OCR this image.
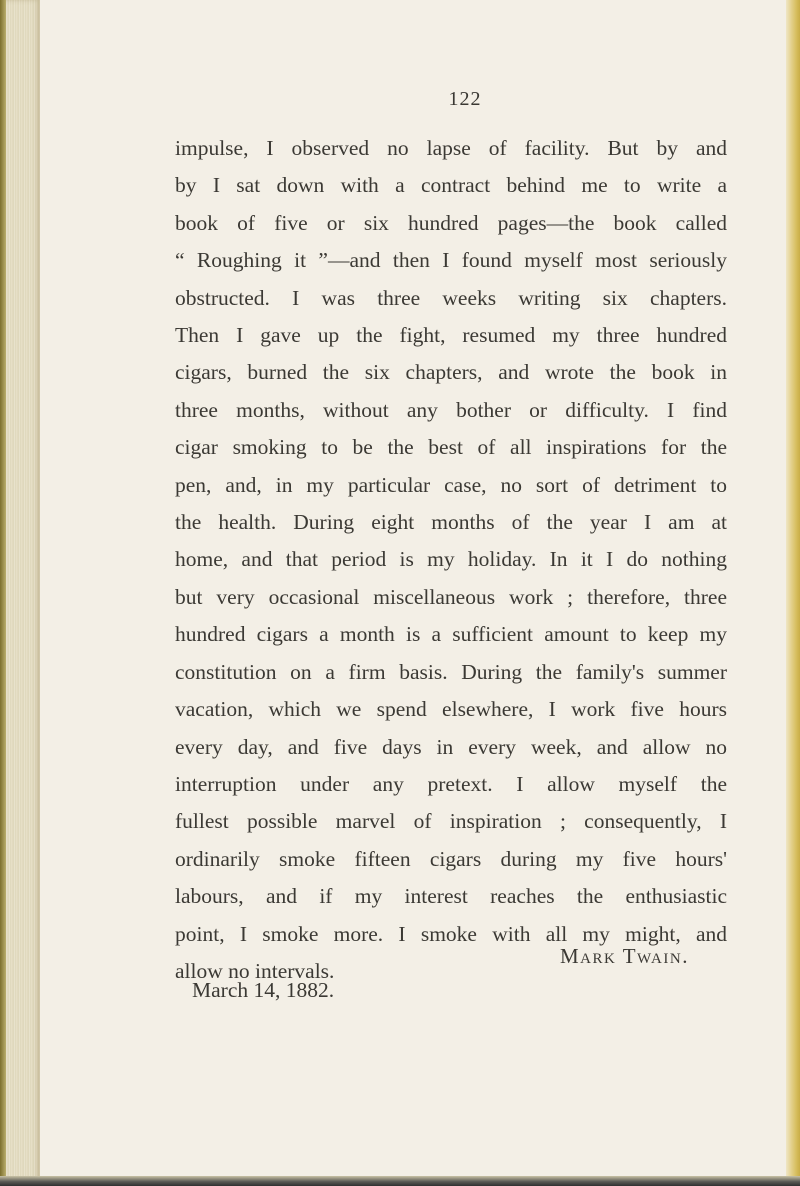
122
impulse, I observed no lapse of facility. But by and
by I sat down with a contract behind me to write a
book of five or six hundred pages—the book called
“ Roughing it ”—and then I found myself most seriously
obstructed. I was three weeks writing six chapters.
Then I gave up the fight, resumed my three hundred
cigars, burned the six chapters, and wrote the book in
three months, without any bother or difficulty. I find
cigar smoking to be the best of all inspirations for the
pen, and, in my particular case, no sort of detriment to
the health. During eight months of the year I am at
home, and that period is my holiday. In it I do nothing
but very occasional miscellaneous work ; therefore, three
hundred cigars a month is a sufficient amount to keep my
constitution on a firm basis. During the family's summer
vacation, which we spend elsewhere, I work five hours
every day, and five days in every week, and allow no
interruption under any pretext. I allow myself the
fullest possible marvel of inspiration ; consequently, I
ordinarily smoke fifteen cigars during my five hours'
labours, and if my interest reaches the enthusiastic
point, I smoke more. I smoke with all my might, and
allow no intervals.
Mark Twain.
March 14, 1882.
